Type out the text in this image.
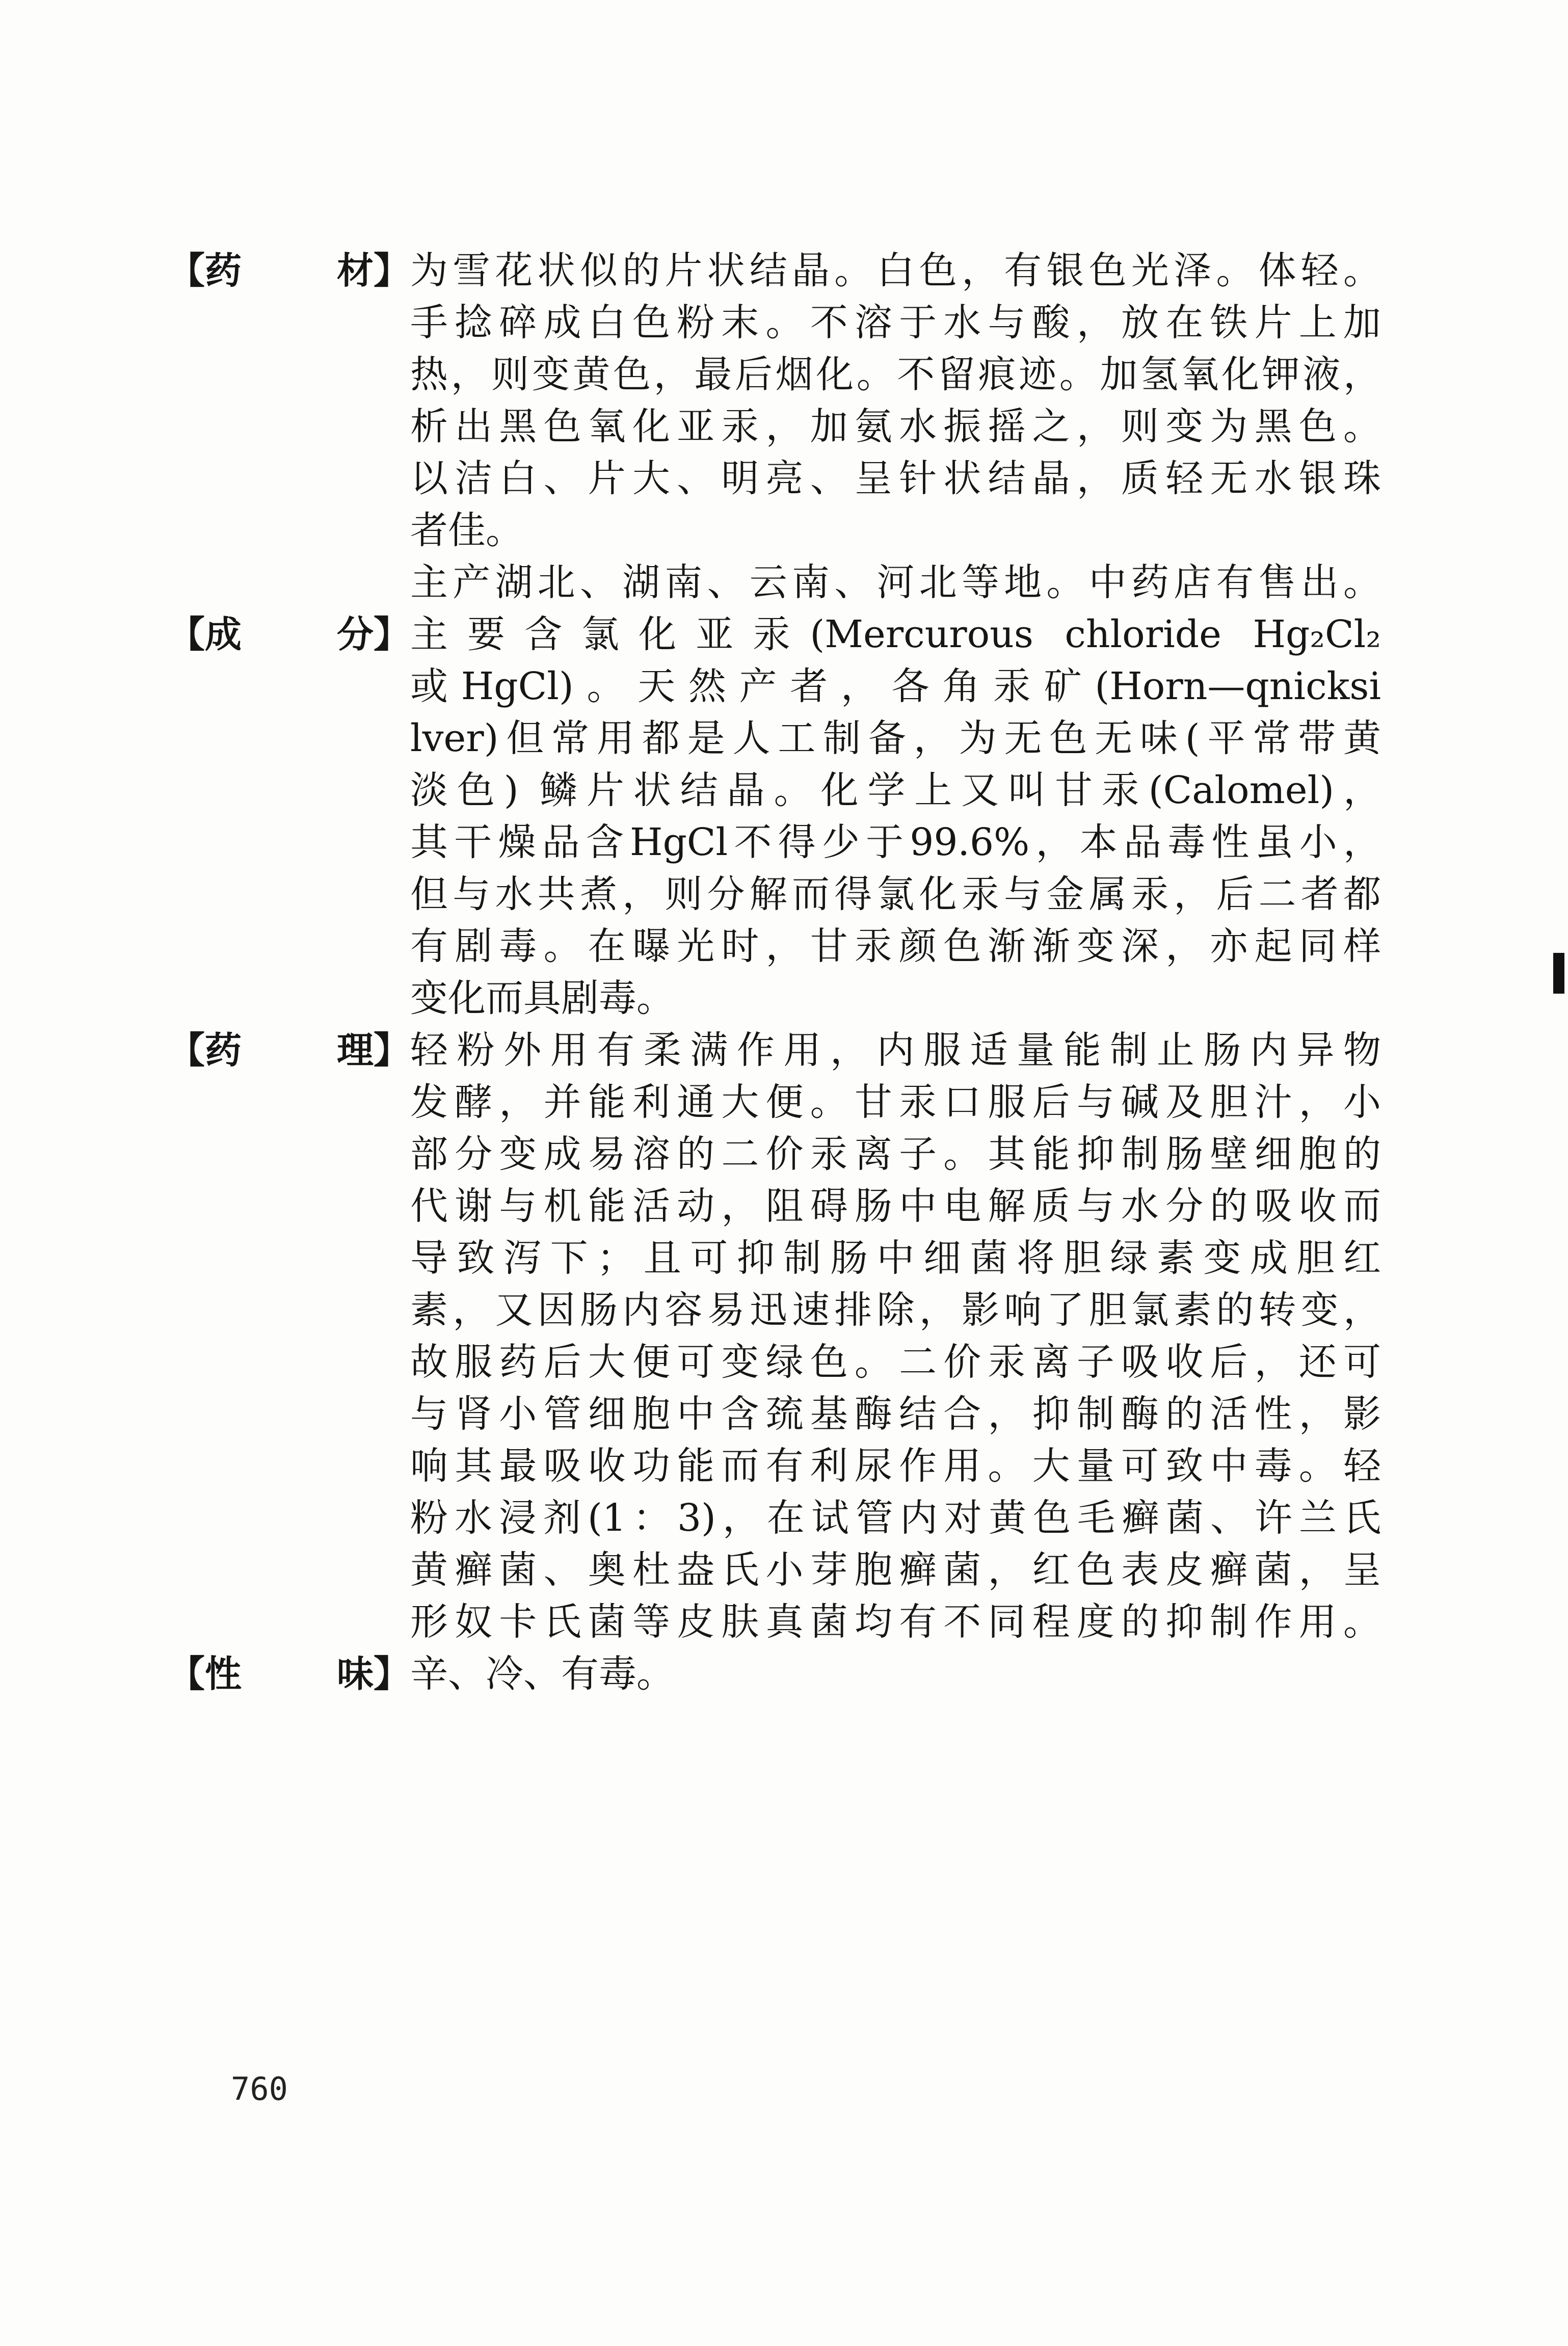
【 药	材 】 为雪花状似的片状结晶。白色，有银色光泽。体轻。
手捻碎成白色粉末。不溶于水与酸，放在铁片上加
热，则变黄色，最后烟化。不留痕迹。加氢氧化钾液，
析出黑色氧化亚汞，加氨水振摇之，则变为黑色。
以洁白、片大、明亮、呈针状结晶，质轻无水银珠
者佳。
主产湖北、湖南、云南、河北等地。中药店有售出。
【 成	分 】 主要含氯化亚汞(Mercurous chloride Hg₂Cl₂
或HgCl)。天然产者，各角汞矿(Horn—qnicksi
lver)但常用都是人工制备，为无色无味(平常带黄
淡色) 鳞片状结晶。化学上又叫甘汞(Calomel)，
其干燥品含HgCl不得少于99.6%，本品毒性虽小，
但与水共煮，则分解而得氯化汞与金属汞，后二者都
有剧毒。在曝光时，甘汞颜色渐渐变深，亦起同样
变化而具剧毒。
【 药	理 】 轻粉外用有柔满作用，内服适量能制止肠内异物
发酵，并能利通大便。甘汞口服后与碱及胆汁，小
部分变成易溶的二价汞离子。其能抑制肠壁细胞的
代谢与机能活动，阻碍肠中电解质与水分的吸收而
导致泻下；且可抑制肠中细菌将胆绿素变成胆红
素，又因肠内容易迅速排除，影响了胆氯素的转变，
故服药后大便可变绿色。二价汞离子吸收后，还可
与肾小管细胞中含巯基酶结合，抑制酶的活性，影
响其最吸收功能而有利尿作用。大量可致中毒。轻
粉水浸剂(1：3)，在试管内对黄色毛癣菌、许兰氏
黄癣菌、奥杜盎氏小芽胞癣菌，红色表皮癣菌，呈
形奴卡氏菌等皮肤真菌均有不同程度的抑制作用。
【 性	味 】 辛、冷、有毒。
760
